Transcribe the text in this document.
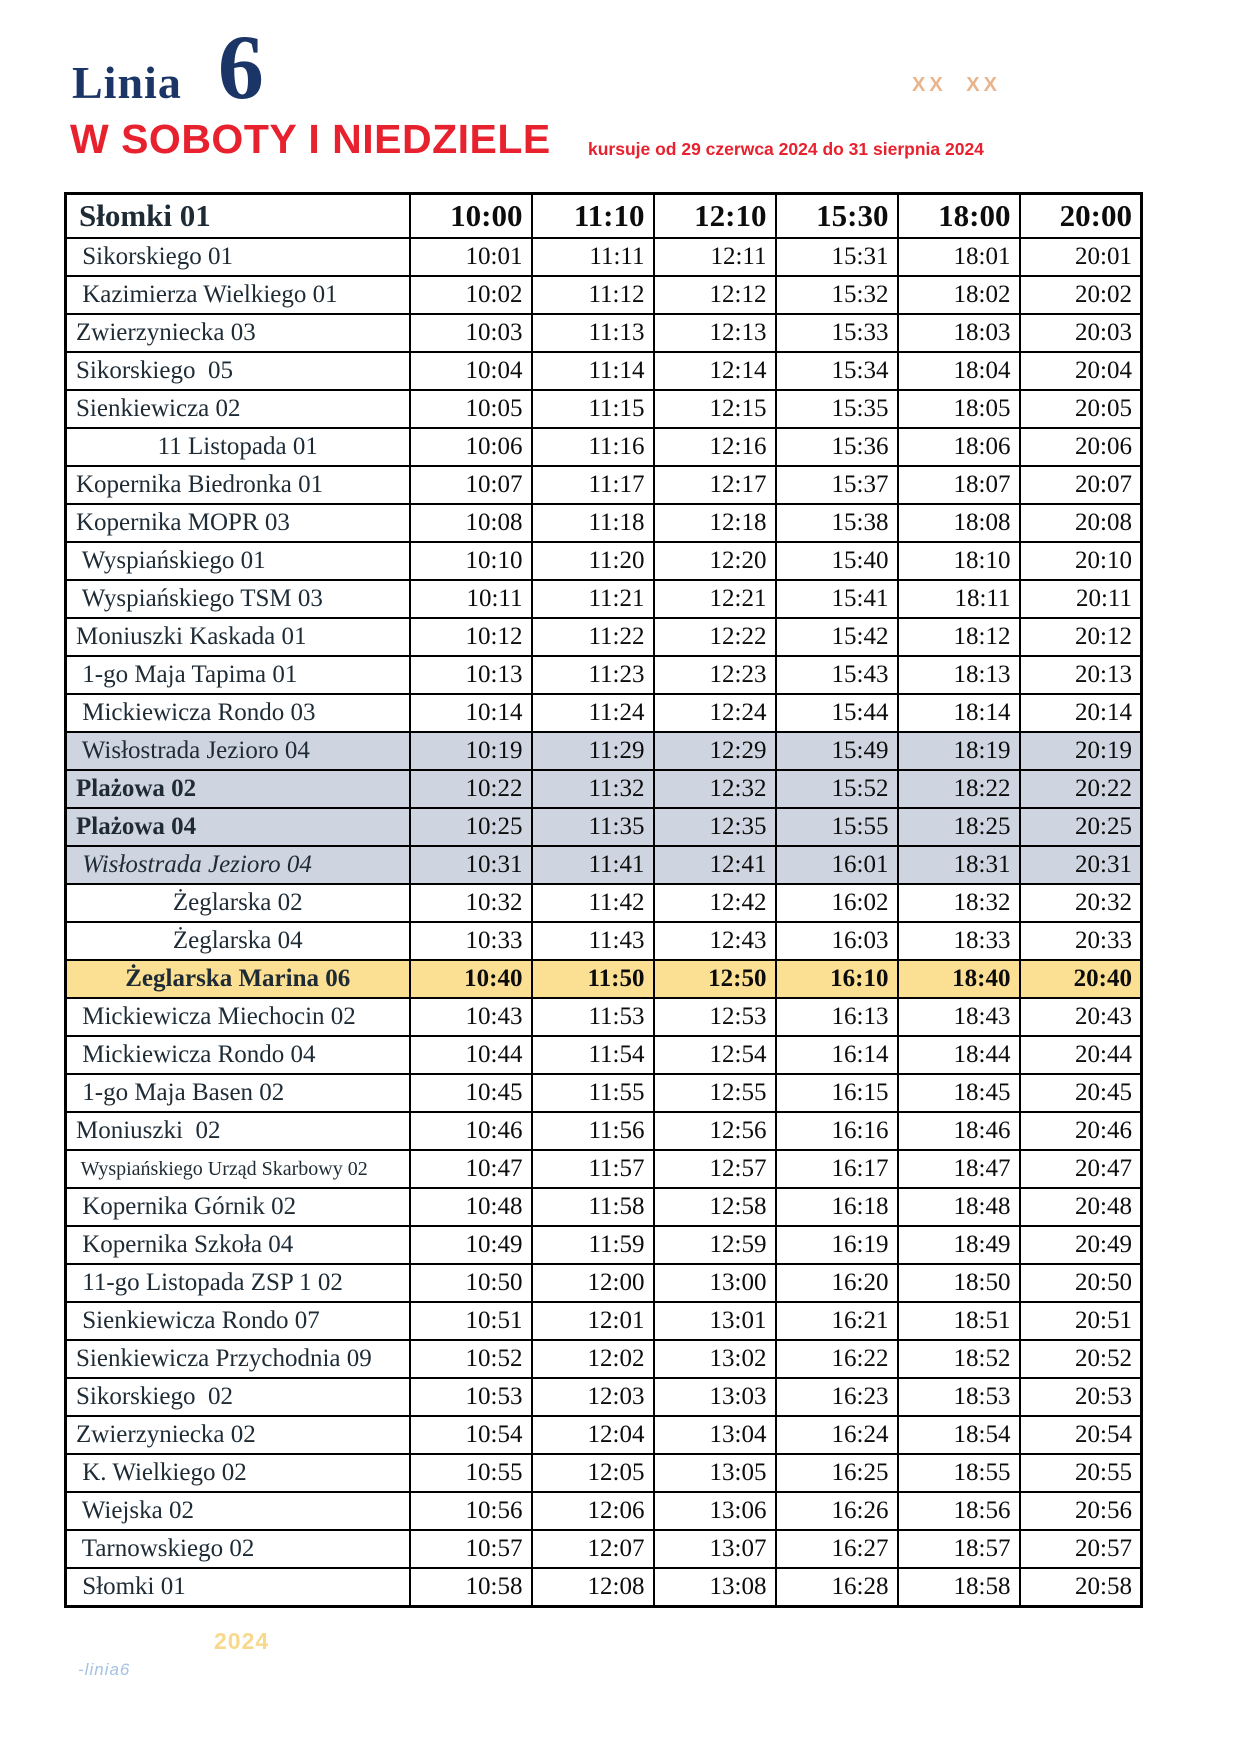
Linia 6	XX XX
W SOBOTY I NIEDZIELE kursuje od 29 czerwca 2024 do 31 sierpnia 2024
Słomki 01	10:00	11:10	12:10	15:30	18:00	20:00
Sikorskiego 01	10:01	11:11	12:11	15:31	18:01	20:01
Kazimierza Wielkiego 01	10:02	11:12	12:12	15:32	18:02	20:02
Zwierzyniecka 03	10:03	11:13	12:13	15:33	18:03	20:03
Sikorskiego  05	10:04	11:14	12:14	15:34	18:04	20:04
Sienkiewicza 02	10:05	11:15	12:15	15:35	18:05	20:05
11 Listopada 01	10:06	11:16	12:16	15:36	18:06	20:06
Kopernika Biedronka 01	10:07	11:17	12:17	15:37	18:07	20:07
Kopernika MOPR 03	10:08	11:18	12:18	15:38	18:08	20:08
Wyspiańskiego 01	10:10	11:20	12:20	15:40	18:10	20:10
Wyspiańskiego TSM 03	10:11	11:21	12:21	15:41	18:11	20:11
Moniuszki Kaskada 01	10:12	11:22	12:22	15:42	18:12	20:12
1-go Maja Tapima 01	10:13	11:23	12:23	15:43	18:13	20:13
Mickiewicza Rondo 03	10:14	11:24	12:24	15:44	18:14	20:14
Wisłostrada Jezioro 04	10:19	11:29	12:29	15:49	18:19	20:19
Plażowa 02	10:22	11:32	12:32	15:52	18:22	20:22
Plażowa 04	10:25	11:35	12:35	15:55	18:25	20:25
Wisłostrada Jezioro 04	10:31	11:41	12:41	16:01	18:31	20:31
Żeglarska 02	10:32	11:42	12:42	16:02	18:32	20:32
Żeglarska 04	10:33	11:43	12:43	16:03	18:33	20:33
Żeglarska Marina 06	10:40	11:50	12:50	16:10	18:40	20:40
Mickiewicza Miechocin 02	10:43	11:53	12:53	16:13	18:43	20:43
Mickiewicza Rondo 04	10:44	11:54	12:54	16:14	18:44	20:44
1-go Maja Basen 02	10:45	11:55	12:55	16:15	18:45	20:45
Moniuszki  02	10:46	11:56	12:56	16:16	18:46	20:46
Wyspiańskiego Urząd Skarbowy 02	10:47	11:57	12:57	16:17	18:47	20:47
Kopernika Górnik 02	10:48	11:58	12:58	16:18	18:48	20:48
Kopernika Szkoła 04	10:49	11:59	12:59	16:19	18:49	20:49
11-go Listopada ZSP 1 02	10:50	12:00	13:00	16:20	18:50	20:50
Sienkiewicza Rondo 07	10:51	12:01	13:01	16:21	18:51	20:51
Sienkiewicza Przychodnia 09	10:52	12:02	13:02	16:22	18:52	20:52
Sikorskiego  02	10:53	12:03	13:03	16:23	18:53	20:53
Zwierzyniecka 02	10:54	12:04	13:04	16:24	18:54	20:54
K. Wielkiego 02	10:55	12:05	13:05	16:25	18:55	20:55
Wiejska 02	10:56	12:06	13:06	16:26	18:56	20:56
Tarnowskiego 02	10:57	12:07	13:07	16:27	18:57	20:57
Słomki 01	10:58	12:08	13:08	16:28	18:58	20:58
2024
-linia6
